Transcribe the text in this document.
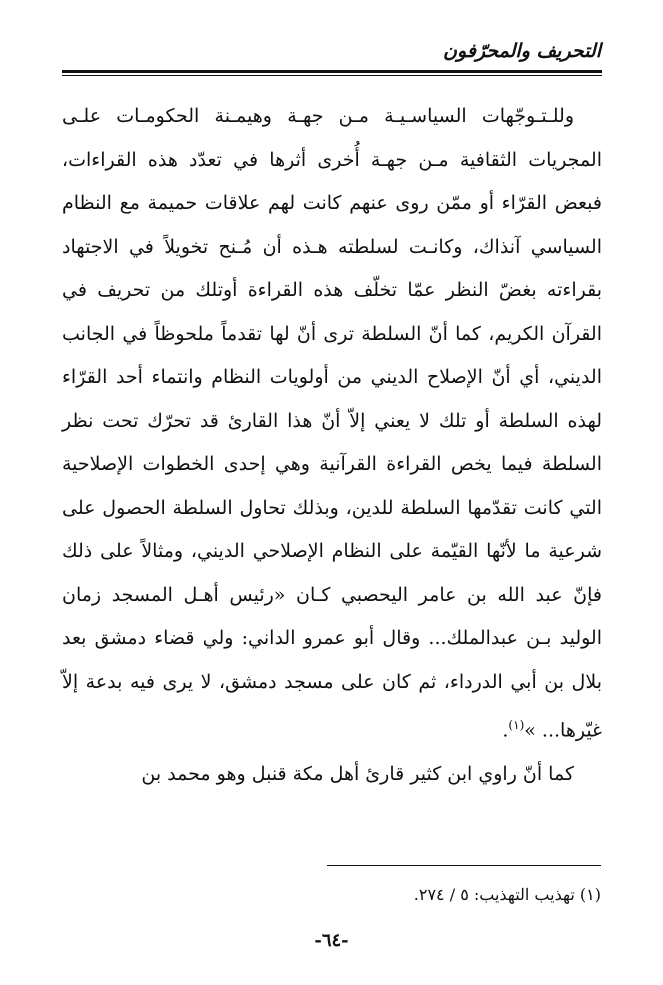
التحريف والمحرّفون

وللـتـوجّهات السياسـيـة مـن جهـة وهيمـنة الحكومـات علـى المجريات الثقافية مـن جهـة أُخرى أثرها في تعدّد هذه القراءات، فبعض القرّاء أو ممّن روى عنهم كانت لهم علاقات حميمة مع النظام السياسي آنذاك، وكانـت لسلطته هـذه أن مُـنح تخويلاً في الاجتهاد بقراءته بغضّ النظر عمّا تخلّف هذه القراءة أوتلك من تحريف في القرآن الكريم، كما أنّ السلطة ترى أنّ لها تقدماً ملحوظاً في الجانب الديني، أي أنّ الإصلاح الديني من أولويات النظام وانتماء أحد القرّاء لهذه السلطة أو تلك لا يعني إلاّ أنّ هذا القارئ قد تحرّك تحت نظر السلطة فيما يخص القراءة القرآنية وهي إحدى الخطوات الإصلاحية التي كانت تقدّمها السلطة للدين، وبذلك تحاول السلطة الحصول على شرعية ما لأنّها القيّمة على النظام الإصلاحي الديني، ومثالاً على ذلك فإنّ عبد الله بن عامر اليحصبي كـان «رئيس أهـل المسجد زمان الوليد بـن عبدالملك... وقال أبو عمرو الداني: ولي قضاء دمشق بعد بلال بن أبي الدرداء، ثم كان على مسجد دمشق، لا يرى فيه بدعة إلاّ غيّرها... »$^{(١)}$.

كما أنّ راوي ابن كثير قارئ أهل مكة قنبل وهو محمد بن

(١) تهذيب التهذيب: ٥ / ٢٧٤.
-٦٤-
